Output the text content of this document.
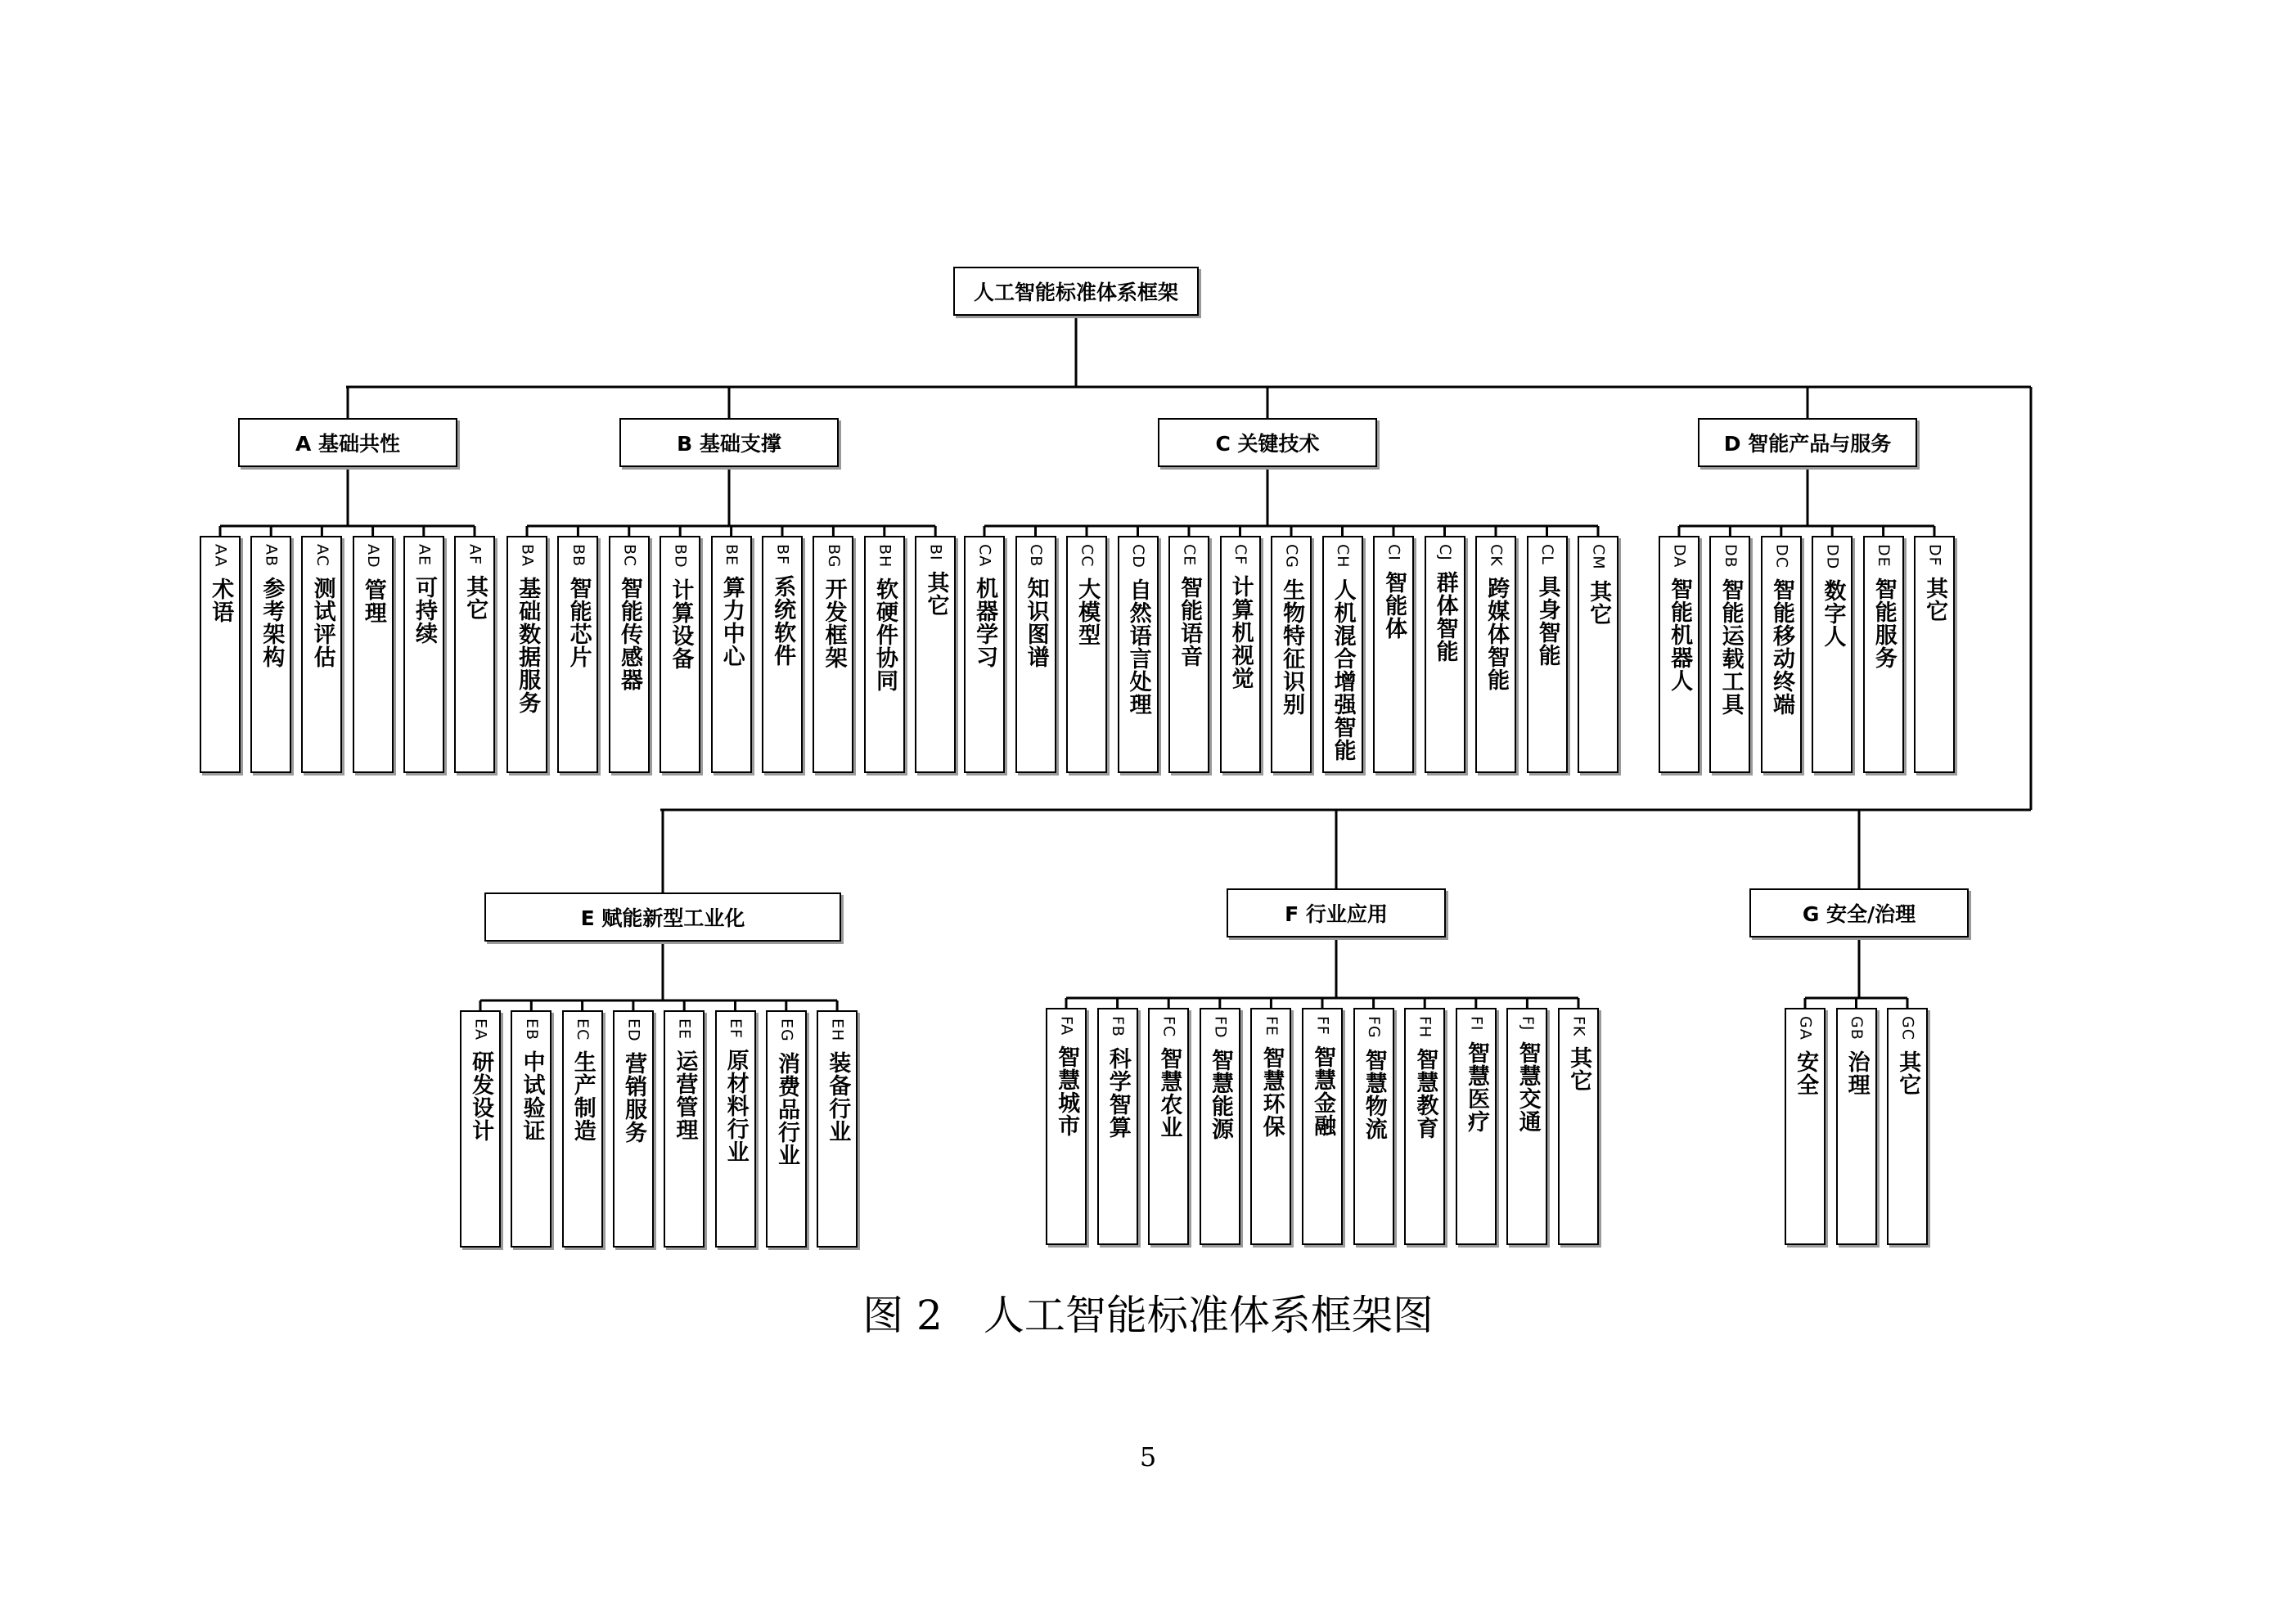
人工智能标准体系框架
图 2　人工智能标准体系框架图
5
A 基础共性
AA
术语
AB
参考架构
AC
测试评估
AD
管理
AE
可持续
AF
其它
B 基础支撑
BA
基础数据服务
BB
智能芯片
BC
智能传感器
BD
计算设备
BE
算力中心
BF
系统软件
BG
开发框架
BH
软硬件协同
BI
其它
C 关键技术
CA
机器学习
CB
知识图谱
CC
大模型
CD
自然语言处理
CE
智能语音
CF
计算机视觉
CG
生物特征识别
CH
人机混合增强智能
CI
智能体
CJ
群体智能
CK
跨媒体智能
CL
具身智能
CM
其它
D 智能产品与服务
DA
智能机器人
DB
智能运载工具
DC
智能移动终端
DD
数字人
DE
智能服务
DF
其它
E 赋能新型工业化
EA
研发设计
EB
中试验证
EC
生产制造
ED
营销服务
EE
运营管理
EF
原材料行业
EG
消费品行业
EH
装备行业
F 行业应用
FA
智慧城市
FB
科学智算
FC
智慧农业
FD
智慧能源
FE
智慧环保
FF
智慧金融
FG
智慧物流
FH
智慧教育
FI
智慧医疗
FJ
智慧交通
FK
其它
G 安全/治理
GA
安全
GB
治理
GC
其它
